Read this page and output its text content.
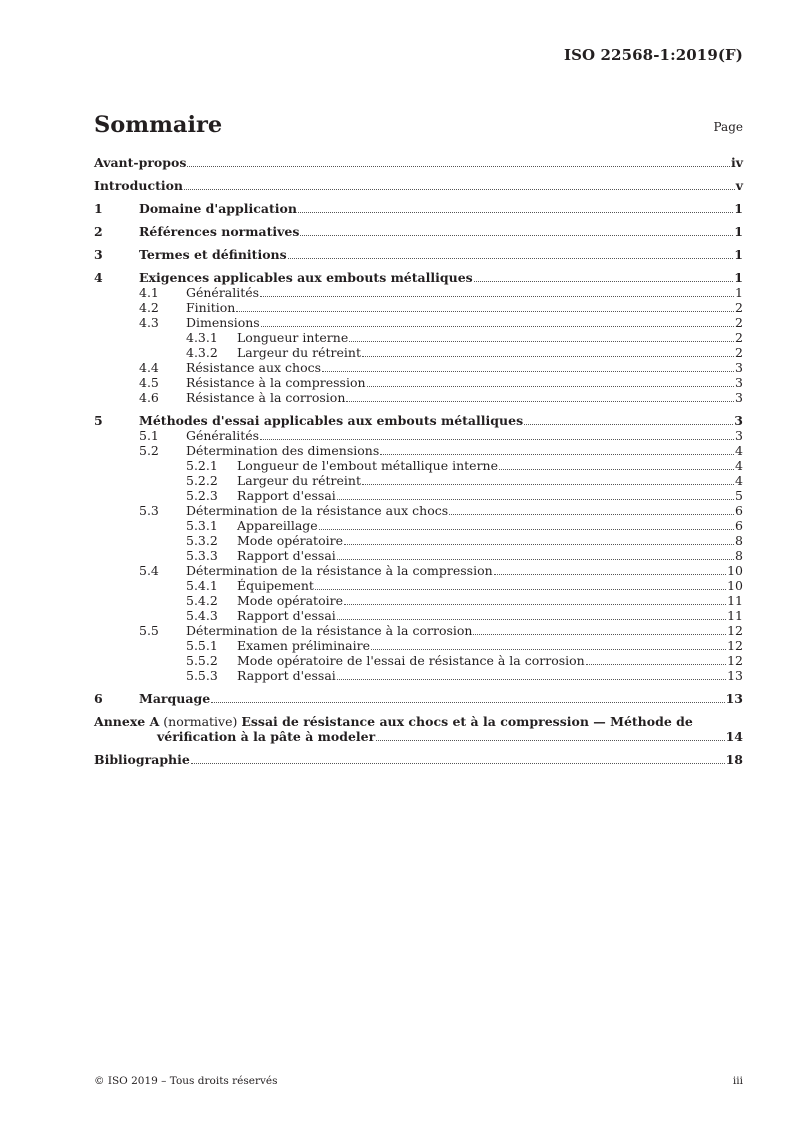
ISO 22568-1:2019(F)
Sommaire	Page
Avant-propos	iv
Introduction	v
1	Domaine d'application	1
2	Références normatives	1
3	Termes et définitions	1
4	Exigences applicables aux embouts métalliques	1
4.1	Généralités	1
4.2	Finition	2
4.3	Dimensions	2
4.3.1	Longueur interne	2
4.3.2	Largeur du rétreint	2
4.4	Résistance aux chocs	3
4.5	Résistance à la compression	3
4.6	Résistance à la corrosion	3
5	Méthodes d'essai applicables aux embouts métalliques	3
5.1	Généralités	3
5.2	Détermination des dimensions	4
5.2.1	Longueur de l'embout métallique interne	4
5.2.2	Largeur du rétreint	4
5.2.3	Rapport d'essai	5
5.3	Détermination de la résistance aux chocs	6
5.3.1	Appareillage	6
5.3.2	Mode opératoire	8
5.3.3	Rapport d'essai	8
5.4	Détermination de la résistance à la compression	10
5.4.1	Équipement	10
5.4.2	Mode opératoire	11
5.4.3	Rapport d'essai	11
5.5	Détermination de la résistance à la corrosion	12
5.5.1	Examen préliminaire	12
5.5.2	Mode opératoire de l'essai de résistance à la corrosion	12
5.5.3	Rapport d'essai	13
6	Marquage	13
Annexe A (normative) Essai de résistance aux chocs et à la compression — Méthode de
vérification à la pâte à modeler	14
Bibliographie	18
© ISO 2019 – Tous droits réservés	iii
